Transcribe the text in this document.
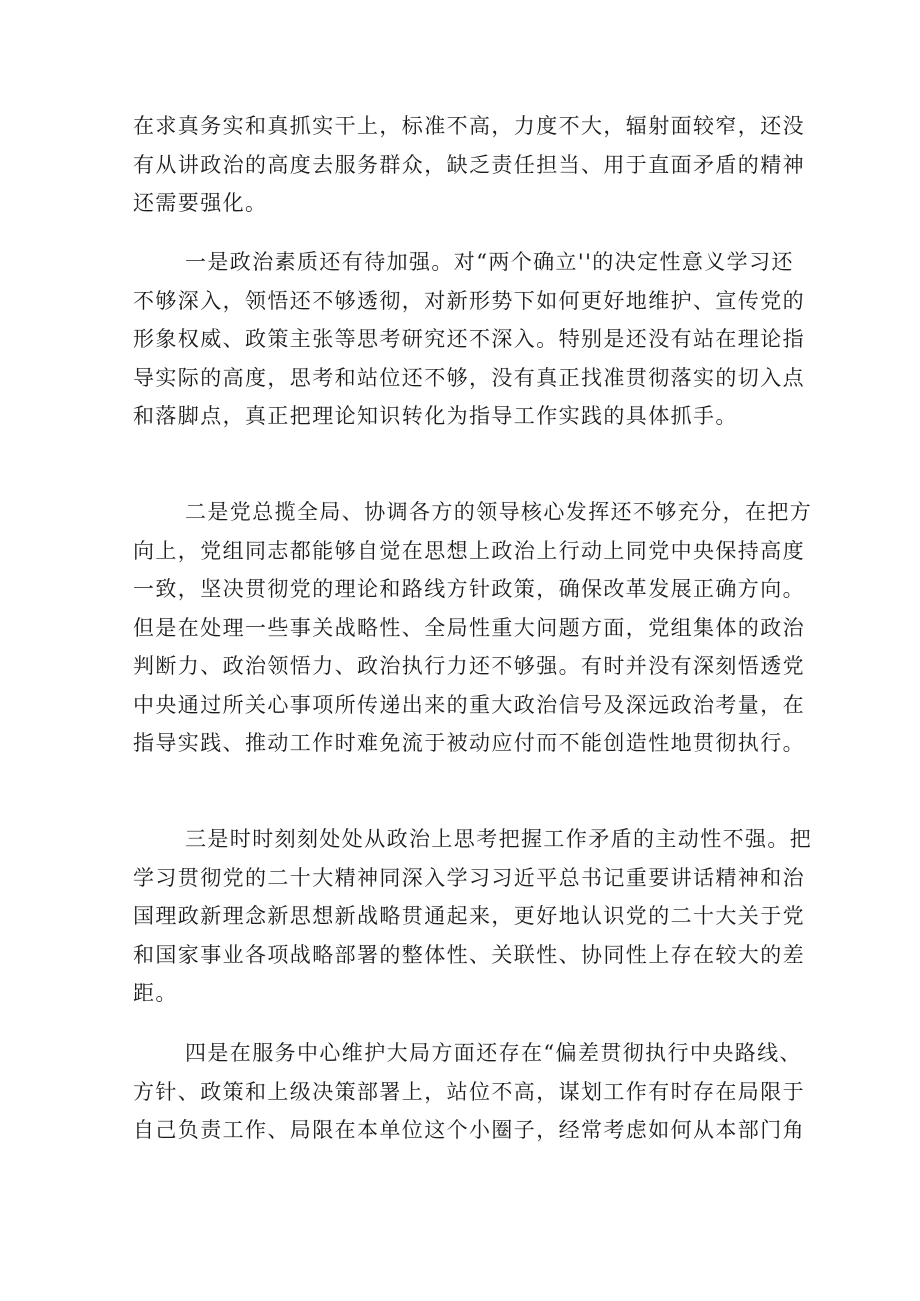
在求真务实和真抓实干上，标准不高，力度不大，辐射面较窄，还没
有从讲政治的高度去服务群众，缺乏责任担当、用于直面矛盾的精神
还需要强化。
一是政治素质还有待加强。对“两个确立''的决定性意义学习还
不够深入，领悟还不够透彻，对新形势下如何更好地维护、宣传党的
形象权威、政策主张等思考研究还不深入。特别是还没有站在理论指
导实际的高度，思考和站位还不够，没有真正找准贯彻落实的切入点
和落脚点，真正把理论知识转化为指导工作实践的具体抓手。
二是党总揽全局、协调各方的领导核心发挥还不够充分，在把方
向上，党组同志都能够自觉在思想上政治上行动上同党中央保持高度
一致，坚决贯彻党的理论和路线方针政策，确保改革发展正确方向。
但是在处理一些事关战略性、全局性重大问题方面，党组集体的政治
判断力、政治领悟力、政治执行力还不够强。有时并没有深刻悟透党
中央通过所关心事项所传递出来的重大政治信号及深远政治考量，在
指导实践、推动工作时难免流于被动应付而不能创造性地贯彻执行。
三是时时刻刻处处从政治上思考把握工作矛盾的主动性不强。把
学习贯彻党的二十大精神同深入学习习近平总书记重要讲话精神和治
国理政新理念新思想新战略贯通起来，更好地认识党的二十大关于党
和国家事业各项战略部署的整体性、关联性、协同性上存在较大的差
距。
四是在服务中心维护大局方面还存在“偏差贯彻执行中央路线、
方针、政策和上级决策部署上，站位不高，谋划工作有时存在局限于
自己负责工作、局限在本单位这个小圈子，经常考虑如何从本部门角
